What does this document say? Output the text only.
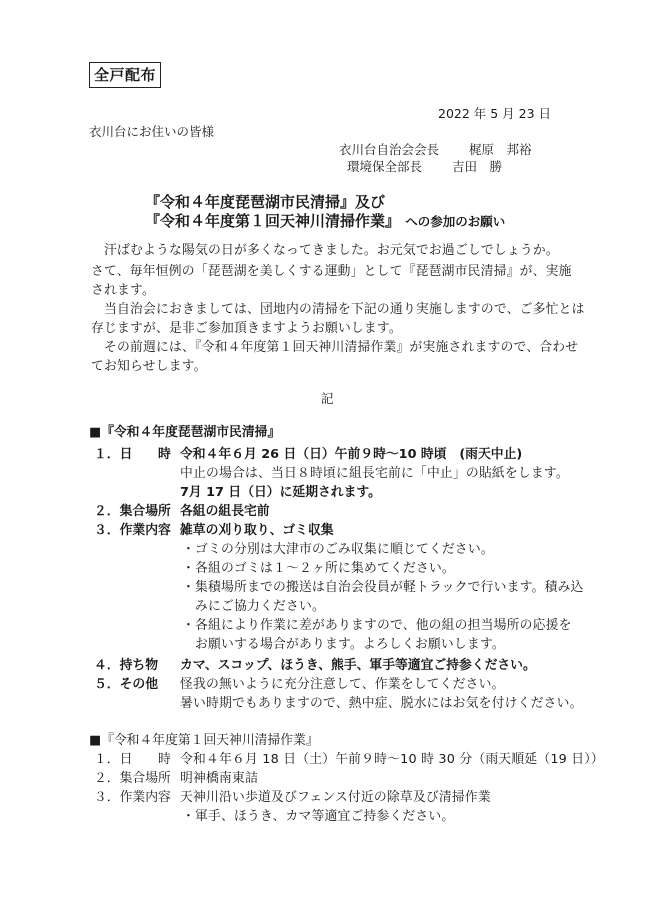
全戸配布
2022 年 5 月 23 日
衣川台にお住いの皆様
衣川台自治会会長 梶原　邦裕
環境保全部長 吉田　勝
『令和４年度琵琶湖市民清掃』及び
『令和４年度第１回天神川清掃作業』 への参加のお願い
汗ばむような陽気の日が多くなってきました。お元気でお過ごしでしょうか。
さて、毎年恒例の「琵琶湖を美しくする運動」として『琵琶湖市民清掃』が、実施
されます。
当自治会におきましては、団地内の清掃を下記の通り実施しますので、ご多忙とは
存じますが、是非ご参加頂きますようお願いします。
その前週には、『令和４年度第１回天神川清掃作業』が実施されますので、合わせ
てお知らせします。
記
■『令和４年度琵琶湖市民清掃』
１．日　　時 令和４年６月 26 日（日）午前９時～10 時頃　(雨天中止)
中止の場合は、当日８時頃に組長宅前に「中止」の貼紙をします。
7月 17 日（日）に延期されます。
２．集合場所 各組の組長宅前
３．作業内容 雑草の刈り取り、ゴミ収集
・ゴミの分別は大津市のごみ収集に順じてください。
・各組のゴミは１～２ヶ所に集めてください。
・集積場所までの搬送は自治会役員が軽トラックで行います。積み込
　みにご協力ください。
・各組により作業に差がありますので、他の組の担当場所の応援を
　お願いする場合があります。よろしくお願いします。
４．持ち物 カマ、スコップ、ほうき、熊手、軍手等適宜ご持参ください。
５．その他 怪我の無いように充分注意して、作業をしてください。
暑い時期でもありますので、熱中症、脱水にはお気を付けください。
■『令和４年度第１回天神川清掃作業』
１．日　　時 令和４年６月 18 日（土）午前９時～10 時 30 分（雨天順延（19 日））
２．集合場所 明神橋南東詰
３．作業内容 天神川沿い歩道及びフェンス付近の除草及び清掃作業
・軍手、ほうき、カマ等適宜ご持参ください。
